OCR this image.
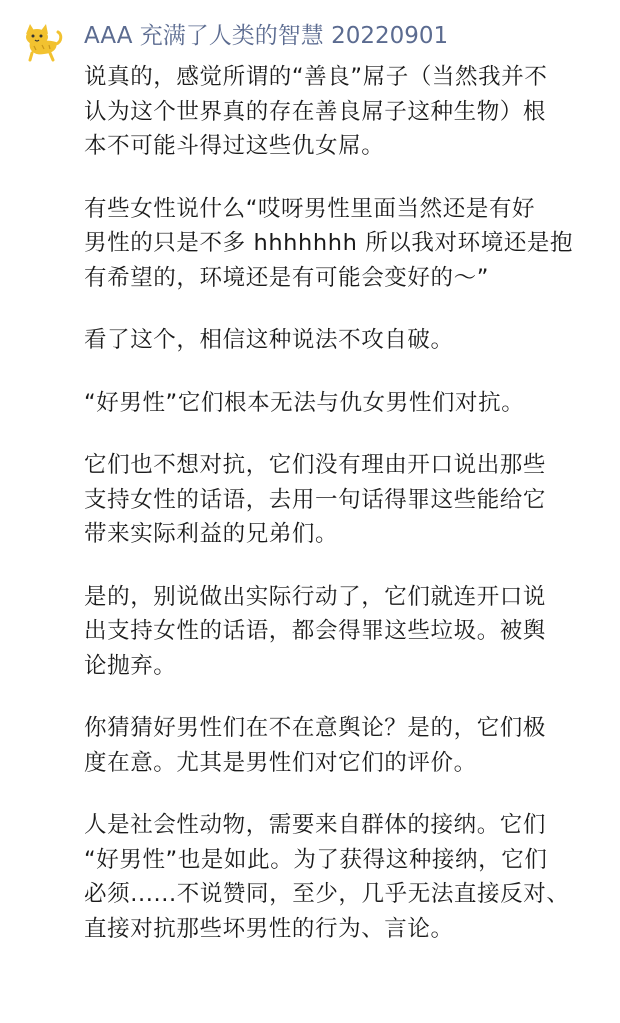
AAA 充满了人类的智慧 20220901

说真的，感觉所谓的“善良”屌子（当然我并不
认为这个世界真的存在善良屌子这种生物）根
本不可能斗得过这些仇女屌。

有些女性说什么“哎呀男性里面当然还是有好
男性的只是不多 hhhhhhh 所以我对环境还是抱
有希望的，环境还是有可能会变好的～”

看了这个，相信这种说法不攻自破。

“好男性”它们根本无法与仇女男性们对抗。

它们也不想对抗，它们没有理由开口说出那些
支持女性的话语，去用一句话得罪这些能给它
带来实际利益的兄弟们。

是的，别说做出实际行动了，它们就连开口说
出支持女性的话语，都会得罪这些垃圾。被舆
论抛弃。

你猜猜好男性们在不在意舆论？是的，它们极
度在意。尤其是男性们对它们的评价。

人是社会性动物，需要来自群体的接纳。它们
“好男性”也是如此。为了获得这种接纳，它们
必须......不说赞同，至少，几乎无法直接反对、
直接对抗那些坏男性的行为、言论。
